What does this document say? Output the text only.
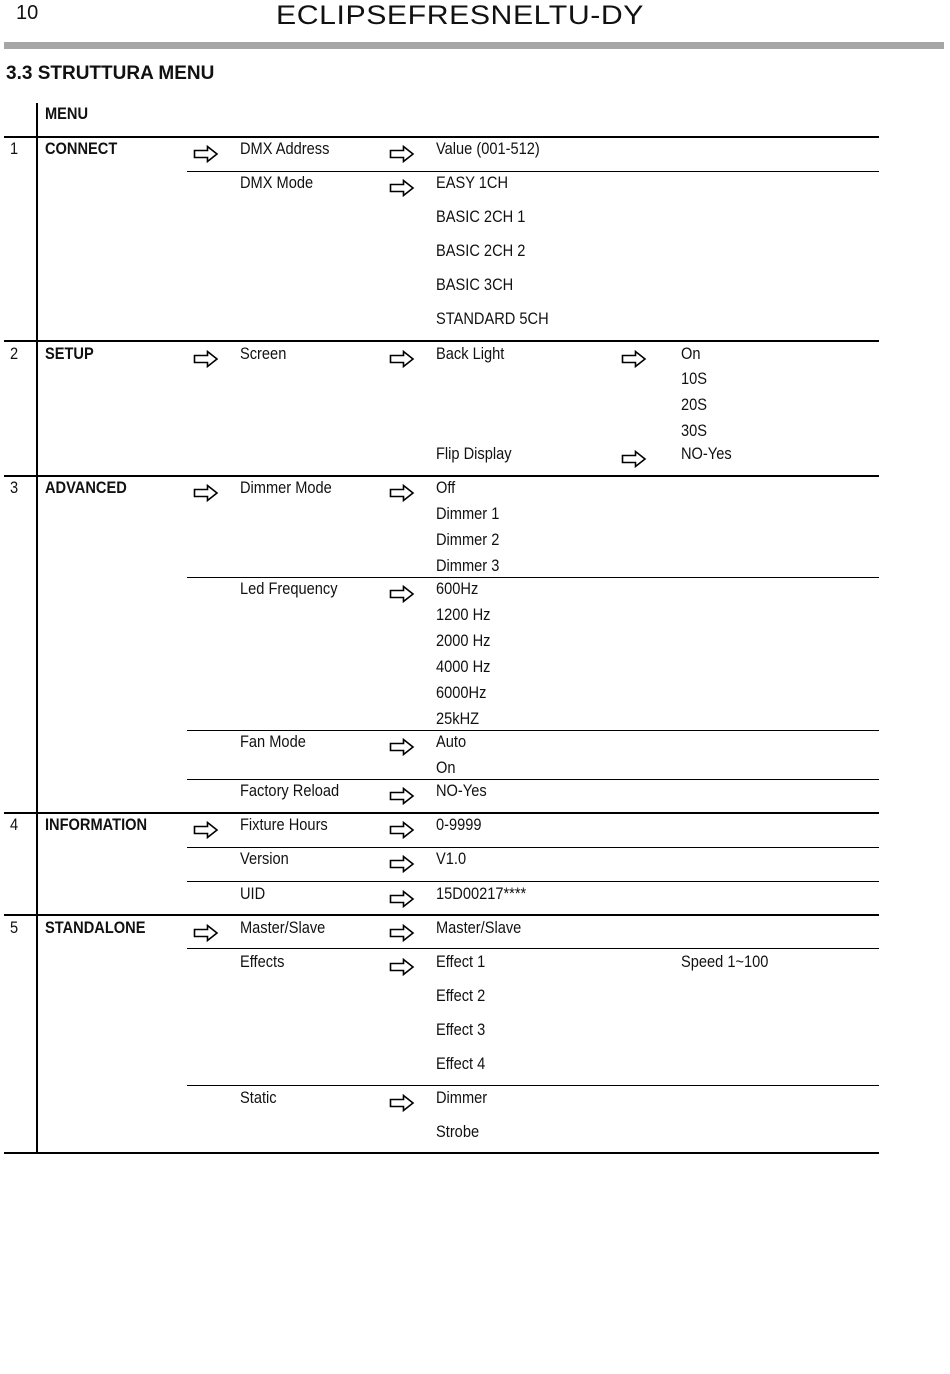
10	ECLIPSEFRESNELTU-DY
3.3 STRUTTURA MENU
MENU
1 CONNECT	DMX Address	Value (001-512)
DMX Mode	EASY 1CH
BASIC 2CH 1
BASIC 2CH 2
BASIC 3CH
STANDARD 5CH
2 SETUP	Screen	Back Light	On
10S
20S
30S
Flip Display	NO-Yes
3 ADVANCED	Dimmer Mode	Off
Dimmer 1
Dimmer 2
Dimmer 3
Led Frequency	600Hz
1200 Hz
2000 Hz
4000 Hz
6000Hz
25kHZ
Fan Mode	Auto
On
Factory Reload	NO-Yes
4 INFORMATION	Fixture Hours	0-9999
Version	V1.0
UID	15D00217****
5 STANDALONE	Master/Slave	Master/Slave
Effects	Effect 1	Speed 1~100
Effect 2
Effect 3
Effect 4
Static	Dimmer
Strobe
